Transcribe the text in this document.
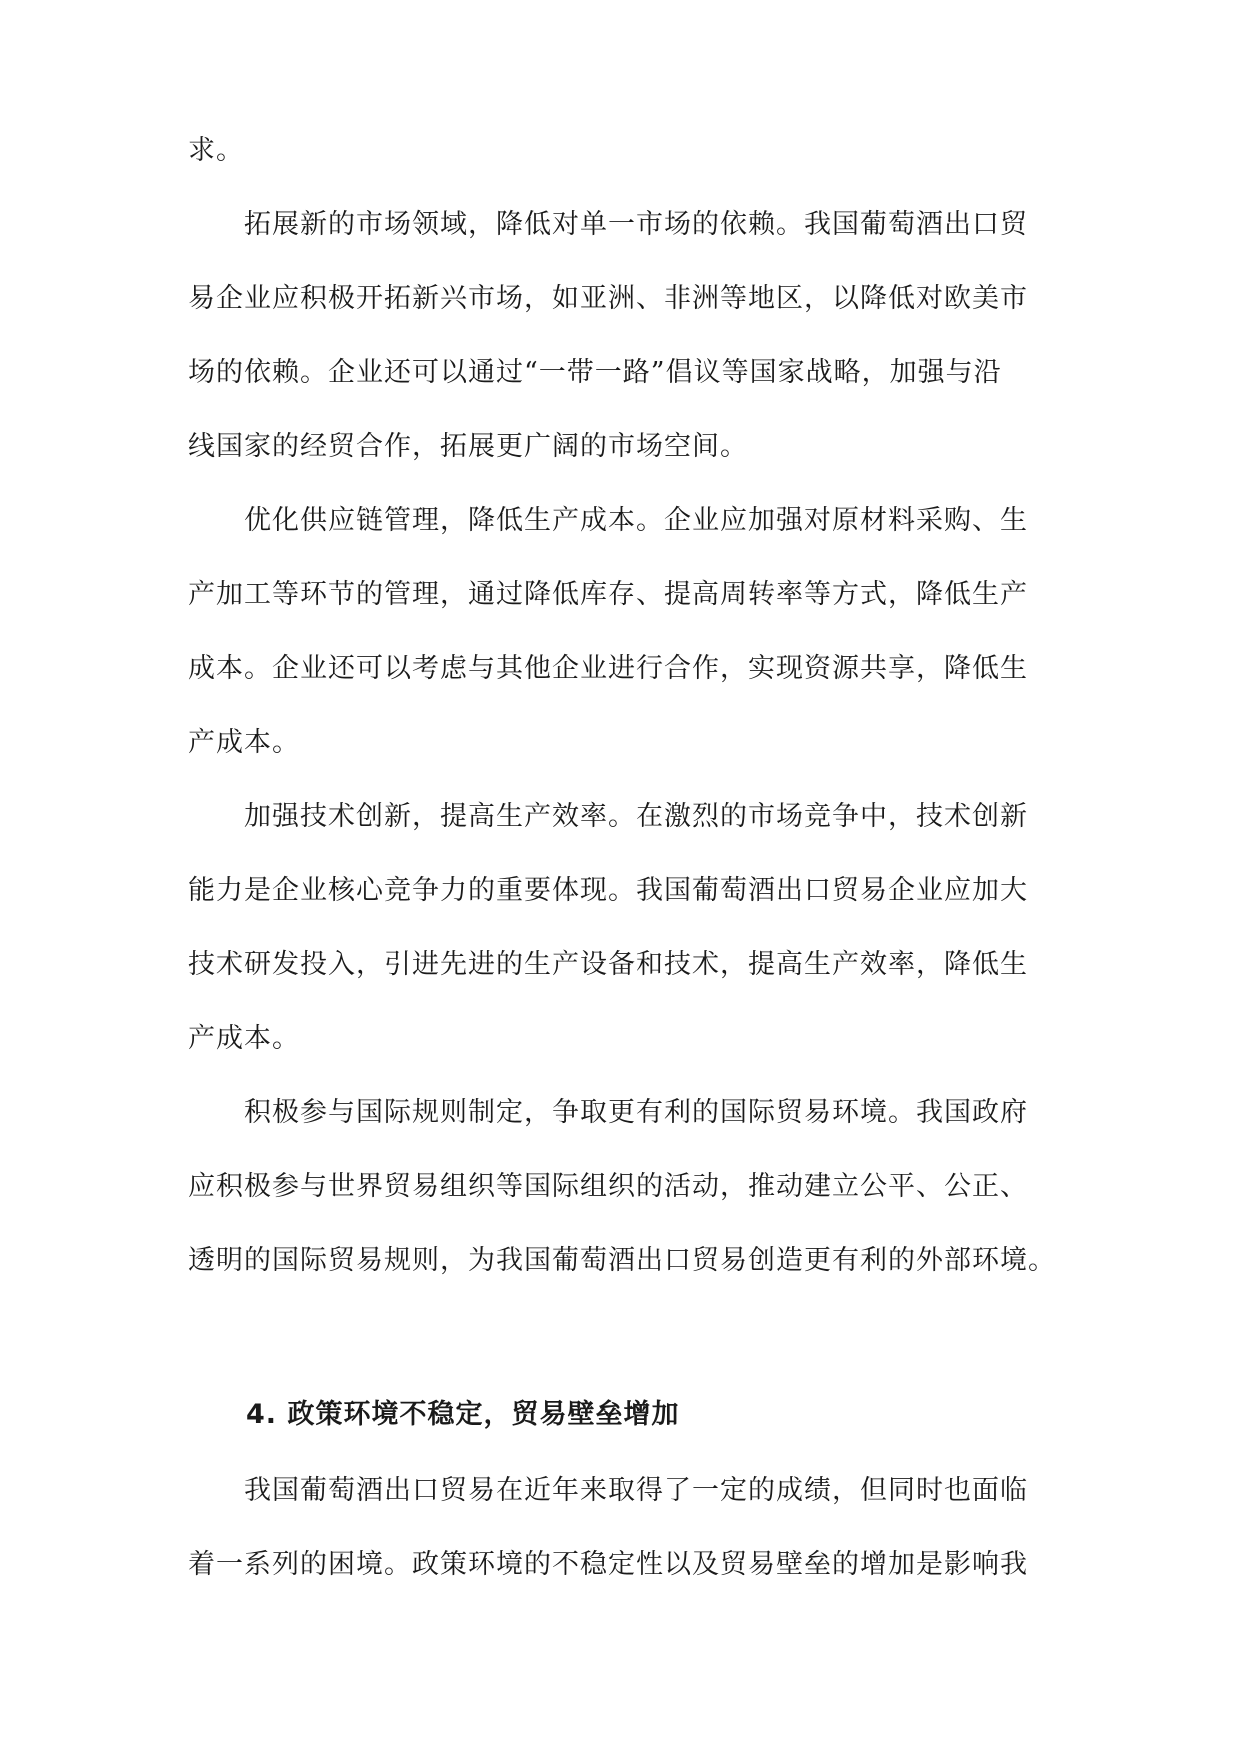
求。
　　拓展新的市场领域，降低对单一市场的依赖。我国葡萄酒出口贸
易企业应积极开拓新兴市场，如亚洲、非洲等地区，以降低对欧美市
场的依赖。企业还可以通过“一带一路”倡议等国家战略，加强与沿
线国家的经贸合作，拓展更广阔的市场空间。
　　优化供应链管理，降低生产成本。企业应加强对原材料采购、生
产加工等环节的管理，通过降低库存、提高周转率等方式，降低生产
成本。企业还可以考虑与其他企业进行合作，实现资源共享，降低生
产成本。
　　加强技术创新，提高生产效率。在激烈的市场竞争中，技术创新
能力是企业核心竞争力的重要体现。我国葡萄酒出口贸易企业应加大
技术研发投入，引进先进的生产设备和技术，提高生产效率，降低生
产成本。
　　积极参与国际规则制定，争取更有利的国际贸易环境。我国政府
应积极参与世界贸易组织等国际组织的活动，推动建立公平、公正、
透明的国际贸易规则，为我国葡萄酒出口贸易创造更有利的外部环境。
4. 政策环境不稳定，贸易壁垒增加
　　我国葡萄酒出口贸易在近年来取得了一定的成绩，但同时也面临
着一系列的困境。政策环境的不稳定性以及贸易壁垒的增加是影响我
